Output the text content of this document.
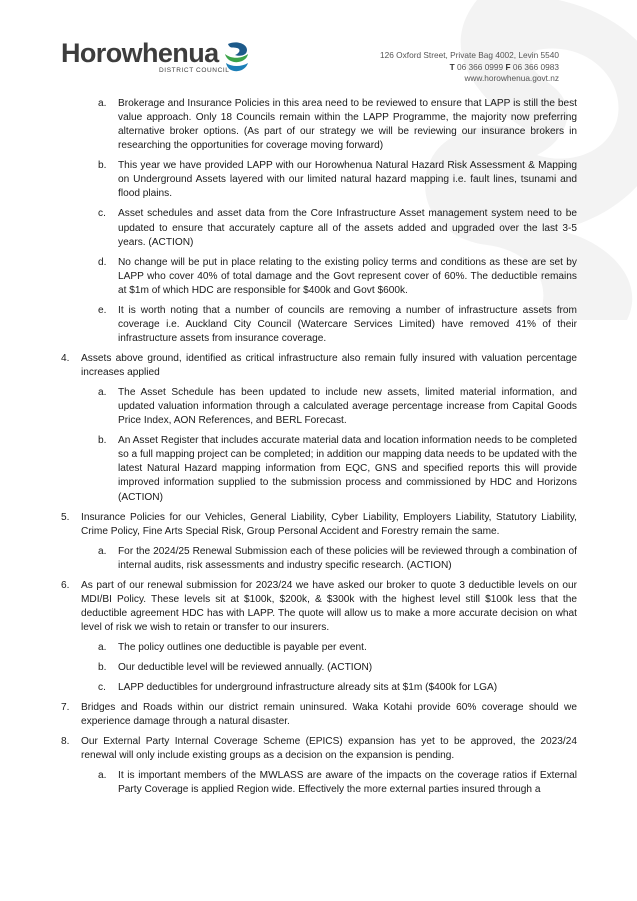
Horowhenua
DISTRICT COUNCIL
126 Oxford Street, Private Bag 4002, Levin 5540
T 06 366 0999 F 06 366 0983
www.horowhenua.govt.nz
a. Brokerage and Insurance Policies in this area need to be reviewed to ensure that LAPP is still the best value approach. Only 18 Councils remain within the LAPP Programme, the majority now preferring alternative broker options. (As part of our strategy we will be reviewing our insurance brokers in researching the opportunities for coverage moving forward)
b. This year we have provided LAPP with our Horowhenua Natural Hazard Risk Assessment & Mapping on Underground Assets layered with our limited natural hazard mapping i.e. fault lines, tsunami and flood plains.
c. Asset schedules and asset data from the Core Infrastructure Asset management system need to be updated to ensure that accurately capture all of the assets added and upgraded over the last 3-5 years. (ACTION)
d. No change will be put in place relating to the existing policy terms and conditions as these are set by LAPP who cover 40% of total damage and the Govt represent cover of 60%. The deductible remains at $1m of which HDC are responsible for $400k and Govt $600k.
e. It is worth noting that a number of councils are removing a number of infrastructure assets from coverage i.e. Auckland City Council (Watercare Services Limited) have removed 41% of their infrastructure assets from insurance coverage.
4. Assets above ground, identified as critical infrastructure also remain fully insured with valuation percentage increases applied
a. The Asset Schedule has been updated to include new assets, limited material information, and updated valuation information through a calculated average percentage increase from Capital Goods Price Index, AON References, and BERL Forecast.
b. An Asset Register that includes accurate material data and location information needs to be completed so a full mapping project can be completed; in addition our mapping data needs to be updated with the latest Natural Hazard mapping information from EQC, GNS and specified reports this will provide improved information supplied to the submission process and commissioned by HDC and Horizons (ACTION)
5. Insurance Policies for our Vehicles, General Liability, Cyber Liability, Employers Liability, Statutory Liability, Crime Policy, Fine Arts Special Risk, Group Personal Accident and Forestry remain the same.
a. For the 2024/25 Renewal Submission each of these policies will be reviewed through a combination of internal audits, risk assessments and industry specific research. (ACTION)
6. As part of our renewal submission for 2023/24 we have asked our broker to quote 3 deductible levels on our MDI/BI Policy. These levels sit at $100k, $200k, & $300k with the highest level still $100k less that the deductible agreement HDC has with LAPP. The quote will allow us to make a more accurate decision on what level of risk we wish to retain or transfer to our insurers.
a. The policy outlines one deductible is payable per event.
b. Our deductible level will be reviewed annually. (ACTION)
c. LAPP deductibles for underground infrastructure already sits at $1m ($400k for LGA)
7. Bridges and Roads within our district remain uninsured. Waka Kotahi provide 60% coverage should we experience damage through a natural disaster.
8. Our External Party Internal Coverage Scheme (EPICS) expansion has yet to be approved, the 2023/24 renewal will only include existing groups as a decision on the expansion is pending.
a. It is important members of the MWLASS are aware of the impacts on the coverage ratios if External Party Coverage is applied Region wide. Effectively the more external parties insured through a
